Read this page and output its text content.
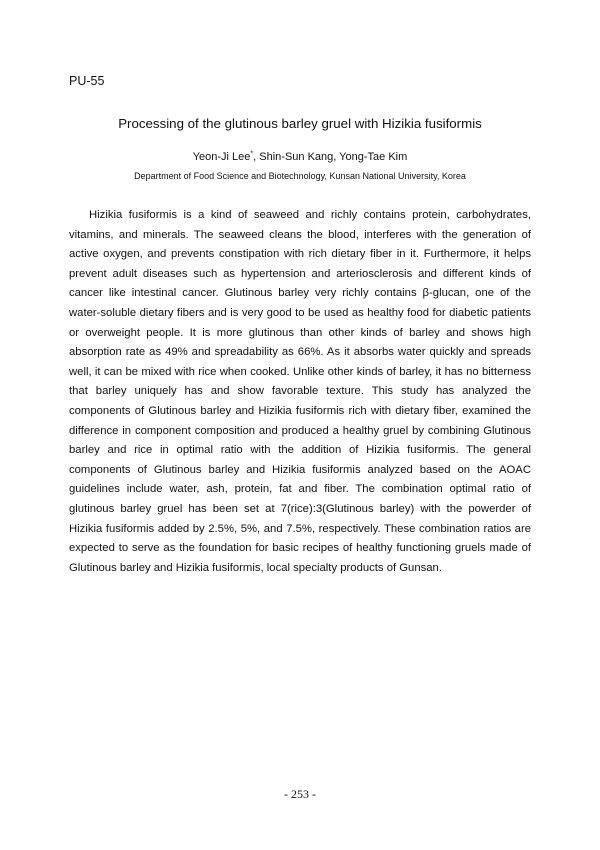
PU-55
Processing of the glutinous barley gruel with Hizikia fusiformis
Yeon-Ji Lee*, Shin-Sun Kang, Yong-Tae Kim
Department of Food Science and Biotechnology, Kunsan National University, Korea

Hizikia fusiformis is a kind of seaweed and richly contains protein, carbohydrates, vitamins, and minerals. The seaweed cleans the blood, interferes with the generation of active oxygen, and prevents constipation with rich dietary fiber in it. Furthermore, it helps prevent adult diseases such as hypertension and arteriosclerosis and different kinds of cancer like intestinal cancer. Glutinous barley very richly contains β-glucan, one of the water-soluble dietary fibers and is very good to be used as healthy food for diabetic patients or overweight people. It is more glutinous than other kinds of barley and shows high absorption rate as 49% and spreadability as 66%. As it absorbs water quickly and spreads well, it can be mixed with rice when cooked. Unlike other kinds of barley, it has no bitterness that barley uniquely has and show favorable texture. This study has analyzed the components of Glutinous barley and Hizikia fusiformis rich with dietary fiber, examined the difference in component composition and produced a healthy gruel by combining Glutinous barley and rice in optimal ratio with the addition of Hizikia fusiformis. The general components of Glutinous barley and Hizikia fusiformis analyzed based on the AOAC guidelines include water, ash, protein, fat and fiber. The combination optimal ratio of glutinous barley gruel has been set at 7(rice):3(Glutinous barley) with the powerder of Hizikia fusiformis added by 2.5%, 5%, and 7.5%, respectively. These combination ratios are expected to serve as the foundation for basic recipes of healthy functioning gruels made of Glutinous barley and Hizikia fusiformis, local specialty products of Gunsan.

- 253 -
